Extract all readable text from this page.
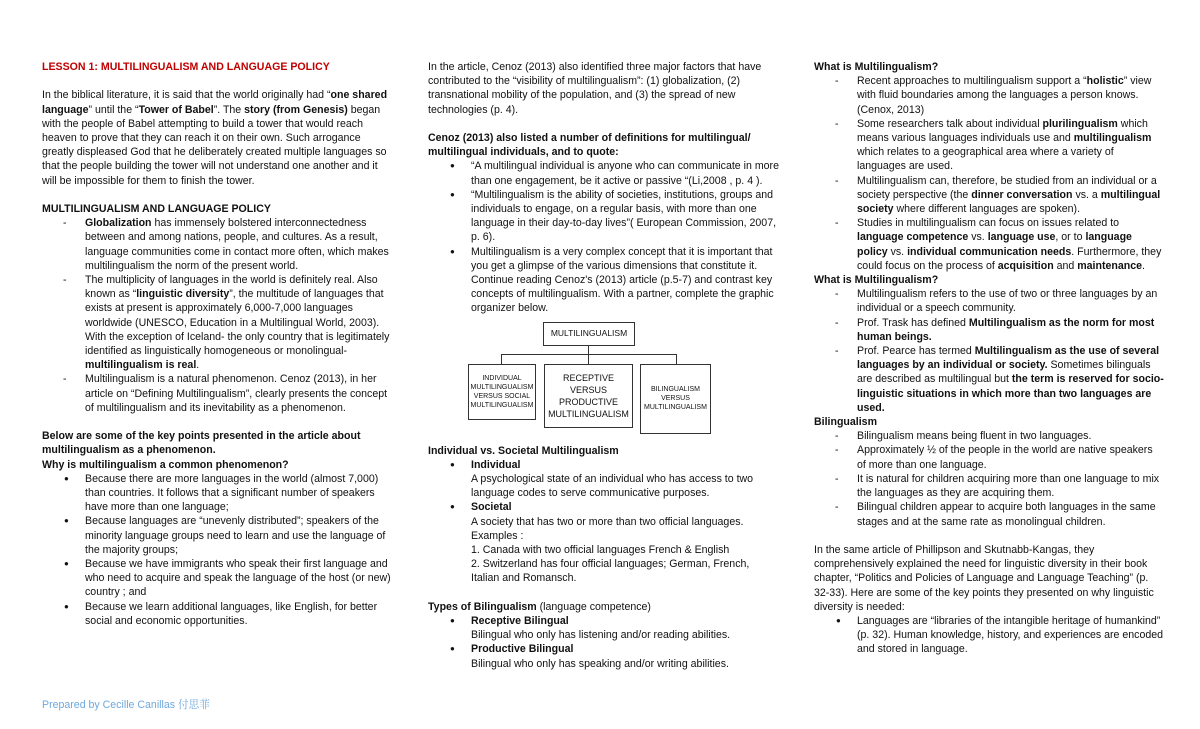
LESSON 1: MULTILINGUALISM AND LANGUAGE POLICY

In the biblical literature, it is said that the world originally had “one shared language” until the “Tower of Babel”. The story (from Genesis) began with the people of Babel attempting to build a tower that would reach heaven to prove that they can reach it on their own. Such arrogance greatly displeased God that he deliberately created multiple languages so that the people building the tower will not understand one another and it will be impossible for them to finish the tower.

MULTILINGUALISM AND LANGUAGE POLICY

- Globalization has immensely bolstered interconnectedness between and among nations, people, and cultures. As a result, language communities come in contact more often, which makes multilingualism the norm of the present world.
- The multiplicity of languages in the world is definitely real. Also known as “linguistic diversity”, the multitude of languages that exists at present is approximately 6,000-7,000 languages worldwide (UNESCO, Education in a Multilingual World, 2003). With the exception of Iceland- the only country that is legitimately identified as linguistically homogeneous or monolingual- multilingualism is real.
- Multilingualism is a natural phenomenon. Cenoz (2013), in her article on “Defining Multilingualism”, clearly presents the concept of multilingualism and its inevitability as a phenomenon.

Below are some of the key points presented in the article about multilingualism as a phenomenon.

Why is multilingualism a common phenomenon?

● Because there are more languages in the world (almost 7,000) than countries. It follows that a significant number of speakers have more than one language;
● Because languages are “unevenly distributed”; speakers of the minority language groups need to learn and use the language of the majority groups;
● Because we have immigrants who speak their first language and who need to acquire and speak the language of the host (or new) country ; and
● Because we learn additional languages, like English, for better social and economic opportunities.

In the article, Cenoz (2013) also identified three major factors that have contributed to the “visibility of multilingualism”: (1) globalization, (2) transnational mobility of the population, and (3) the spread of new technologies (p. 4).

Cenoz (2013) also listed a number of definitions for multilingual/ multilingual individuals, and to quote:

● “A multilingual individual is anyone who can communicate in more than one engagement, be it active or passive “(Li,2008 , p. 4 ).
● “Multilingualism is the ability of societies, institutions, groups and individuals to engage, on a regular basis, with more than one language in their day-to-day lives”( European Commission, 2007, p. 6).
● Multilingualism is a very complex concept that it is important that you get a glimpse of the various dimensions that constitute it. Continue reading Cenoz's (2013) article (p.5-7) and contrast key concepts of multilingualism. With a partner, complete the graphic organizer below.
MULTILINGUALISM
INDIVIDUAL MULTILINGUALISM VERSUS SOCIAL MULTILINGUALISM
RECEPTIVE VERSUS PRODUCTIVE MULTILINGUALISM
BILINGUALISM VERSUS MULTILINGUALISM

Individual vs. Societal Multilingualism

● Individual

A psychological state of an individual who has access to two language codes to serve communicative purposes.

● Societal

A society that has two or more than two official languages.

Examples :

1. Canada with two official languages French & English

2. Switzerland has four official languages; German, French, Italian and Romansch.

Types of Bilingualism (language competence)

● Receptive Bilingual

Bilingual who only has listening and/or reading abilities.

● Productive Bilingual

Bilingual who only has speaking and/or writing abilities.

What is Multilingualism?

- Recent approaches to multilingualism support a “holistic” view with fluid boundaries among the languages a person knows. (Cenox, 2013)
- Some researchers talk about individual plurilingualism which means various languages individuals use and multilingualism which relates to a geographical area where a variety of languages are used.
- Multilingualism can, therefore, be studied from an individual or a society perspective (the dinner conversation vs. a multilingual society where different languages are spoken).
- Studies in multilingualism can focus on issues related to language competence vs. language use, or to language policy vs. individual communication needs. Furthermore, they could focus on the process of acquisition and maintenance.

What is Multilingualism?

- Multilingualism refers to the use of two or three languages by an individual or a speech community.
- Prof. Trask has defined Multilingualism as the norm for most human beings.
- Prof. Pearce has termed Multilingualism as the use of several languages by an individual or society. Sometimes bilinguals are described as multilingual but the term is reserved for socio-linguistic situations in which more than two languages are used.

Bilingualism

- Bilingualism means being fluent in two languages.
- Approximately ½ of the people in the world are native speakers of more than one language.
- It is natural for children acquiring more than one language to mix the languages as they are acquiring them.
- Bilingual children appear to acquire both languages in the same stages and at the same rate as monolingual children.

In the same article of Phillipson and Skutnabb-Kangas, they comprehensively explained the need for linguistic diversity in their book chapter, “Politics and Policies of Language and Language Teaching” (p. 32-33). Here are some of the key points they presented on why linguistic diversity is needed:

● Languages are “libraries of the intangible heritage of humankind” (p. 32). Human knowledge, history, and experiences are encoded and stored in language.
Prepared by Cecille Canillas 付思菲
